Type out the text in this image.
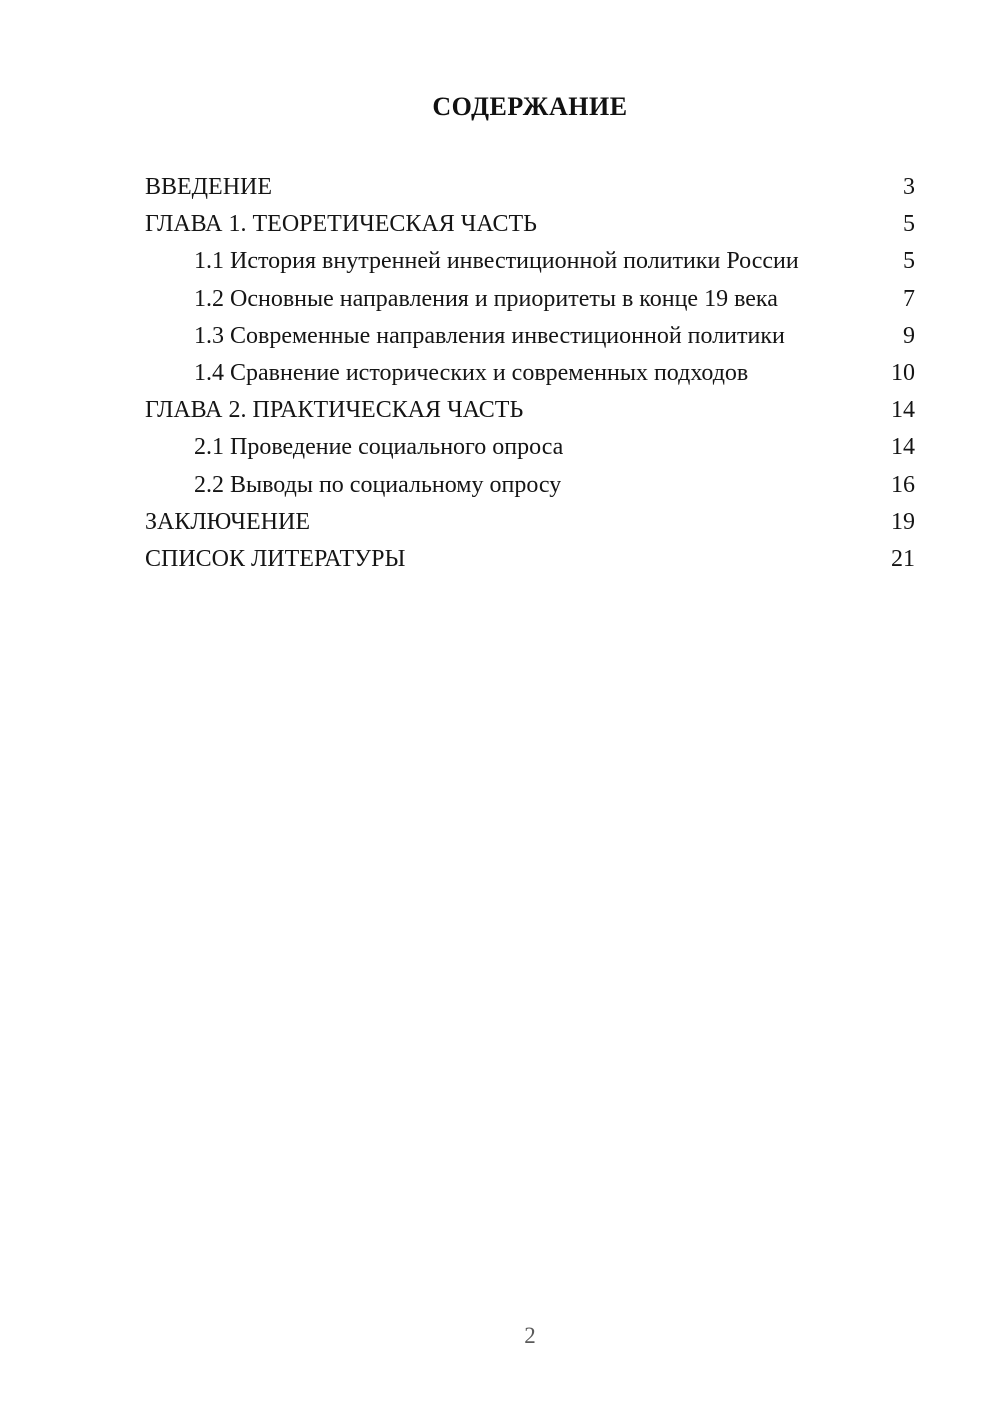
СОДЕРЖАНИЕ
ВВЕДЕНИЕ	3
ГЛАВА 1. ТЕОРЕТИЧЕСКАЯ ЧАСТЬ	5
1.1 История внутренней инвестиционной политики России	5
1.2 Основные направления и приоритеты в конце 19 века	7
1.3 Современные направления инвестиционной политики	9
1.4 Сравнение исторических и современных подходов	10
ГЛАВА 2. ПРАКТИЧЕСКАЯ ЧАСТЬ	14
2.1 Проведение социального опроса	14
2.2 Выводы по социальному опросу	16
ЗАКЛЮЧЕНИЕ	19
СПИСОК ЛИТЕРАТУРЫ	21
2
